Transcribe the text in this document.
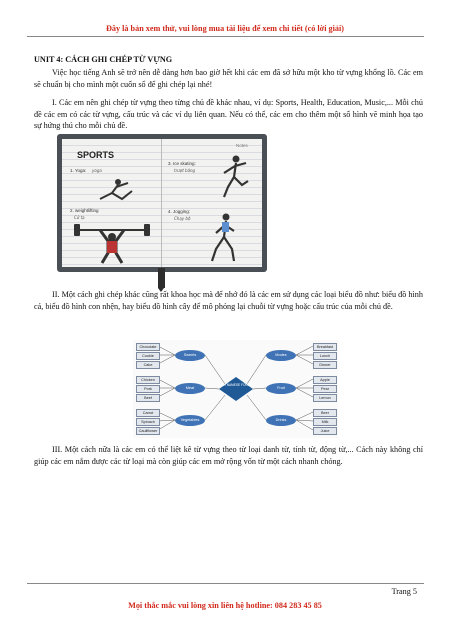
Đây là bản xem thử, vui lòng mua tài liệu để xem chi tiết (có lời giải)
UNIT 4: CÁCH GHI CHÉP TỪ VỰNG
Việc học tiếng Anh sẽ trở nên dễ dàng hơn bao giờ hết khi các em đã sở hữu một kho từ vựng khổng lồ. Các em sẽ chuẩn bị cho mình một cuốn sổ để ghi chép lại nhé!
I. Các em nên ghi chép từ vựng theo từng chủ đề khác nhau, ví dụ: Sports, Health, Education, Music,... Mỗi chủ đề các em có các từ vựng, cấu trúc và các ví dụ liên quan. Nếu có thể, các em cho thêm một số hình vẽ minh họa tạo sự hứng thú cho mỗi chủ đề.
SPORTS
1. Yoga: yoga
2. weightlifting
Cử tạ
Notes
3. Ice skating:
trượt băng
4. Jogging:
Chạy bộ
II. Một cách ghi chép khác cũng rất khoa học mà để nhớ đó là các em sử dụng các loại biểu đồ như: biểu đồ hình cá, biểu đồ hình con nhện, hay biểu đồ hình cây để mô phỏng lại chuỗi từ vựng hoặc cấu trúc của mỗi chủ đề.
Chocolate
Cookie
Cake
Chicken
Pork
Beef
Carrot
Spinach
Cauliflower
Sweets
Meat
Vegetables
VIETNAMESE FOODS
Modes
Fruit
Drinks
Breakfast
Lunch
Dinner
Apple
Pear
Lemon
Beer
Milk
Juice
III. Một cách nữa là các em có thể liệt kê từ vựng theo từ loại danh từ, tính từ, động từ,... Cách này không chỉ giúp các em nắm được các từ loại mà còn giúp các em mở rộng vốn từ một cách nhanh chóng.
Trang 5
Mọi thắc mắc vui lòng xin liên hệ hotline: 084 283 45 85
